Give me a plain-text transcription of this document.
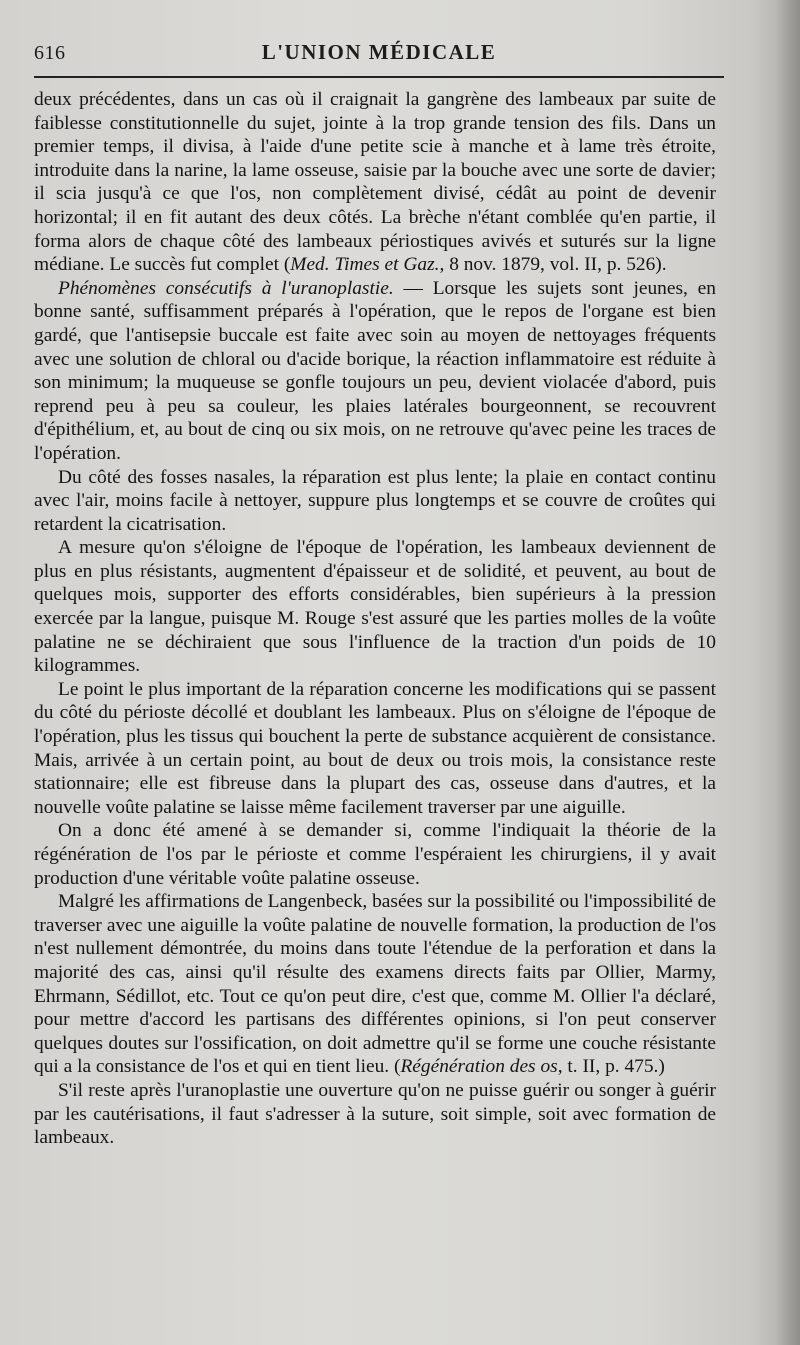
616	L'UNION MÉDICALE

deux précédentes, dans un cas où il craignait la gangrène des lambeaux par suite de faiblesse constitutionnelle du sujet, jointe à la trop grande tension des fils. Dans un premier temps, il divisa, à l'aide d'une petite scie à manche et à lame très étroite, introduite dans la narine, la lame osseuse, saisie par la bouche avec une sorte de davier; il scia jusqu'à ce que l'os, non complètement divisé, cédât au point de devenir horizontal; il en fit autant des deux côtés. La brèche n'étant comblée qu'en partie, il forma alors de chaque côté des lambeaux périostiques avivés et suturés sur la ligne médiane. Le succès fut complet (Med. Times et Gaz., 8 nov. 1879, vol. II, p. 526).

Phénomènes consécutifs à l'uranoplastie. — Lorsque les sujets sont jeunes, en bonne santé, suffisamment préparés à l'opération, que le repos de l'organe est bien gardé, que l'antisepsie buccale est faite avec soin au moyen de nettoyages fréquents avec une solution de chloral ou d'acide borique, la réaction inflammatoire est réduite à son minimum; la muqueuse se gonfle toujours un peu, devient violacée d'abord, puis reprend peu à peu sa couleur, les plaies latérales bourgeonnent, se recouvrent d'épithélium, et, au bout de cinq ou six mois, on ne retrouve qu'avec peine les traces de l'opération.

Du côté des fosses nasales, la réparation est plus lente; la plaie en contact continu avec l'air, moins facile à nettoyer, suppure plus longtemps et se couvre de croûtes qui retardent la cicatrisation.

A mesure qu'on s'éloigne de l'époque de l'opération, les lambeaux deviennent de plus en plus résistants, augmentent d'épaisseur et de solidité, et peuvent, au bout de quelques mois, supporter des efforts considérables, bien supérieurs à la pression exercée par la langue, puisque M. Rouge s'est assuré que les parties molles de la voûte palatine ne se déchiraient que sous l'influence de la traction d'un poids de 10 kilogrammes.

Le point le plus important de la réparation concerne les modifications qui se passent du côté du périoste décollé et doublant les lambeaux. Plus on s'éloigne de l'époque de l'opération, plus les tissus qui bouchent la perte de substance acquièrent de consistance. Mais, arrivée à un certain point, au bout de deux ou trois mois, la consistance reste stationnaire; elle est fibreuse dans la plupart des cas, osseuse dans d'autres, et la nouvelle voûte palatine se laisse même facilement traverser par une aiguille.

On a donc été amené à se demander si, comme l'indiquait la théorie de la régénération de l'os par le périoste et comme l'espéraient les chirurgiens, il y avait production d'une véritable voûte palatine osseuse.

Malgré les affirmations de Langenbeck, basées sur la possibilité ou l'impossibilité de traverser avec une aiguille la voûte palatine de nouvelle formation, la production de l'os n'est nullement démontrée, du moins dans toute l'étendue de la perforation et dans la majorité des cas, ainsi qu'il résulte des examens directs faits par Ollier, Marmy, Ehrmann, Sédillot, etc. Tout ce qu'on peut dire, c'est que, comme M. Ollier l'a déclaré, pour mettre d'accord les partisans des différentes opinions, si l'on peut conserver quelques doutes sur l'ossification, on doit admettre qu'il se forme une couche résistante qui a la consistance de l'os et qui en tient lieu. (Régénération des os, t. II, p. 475.)

S'il reste après l'uranoplastie une ouverture qu'on ne puisse guérir ou songer à guérir par les cautérisations, il faut s'adresser à la suture, soit simple, soit avec formation de lambeaux.
